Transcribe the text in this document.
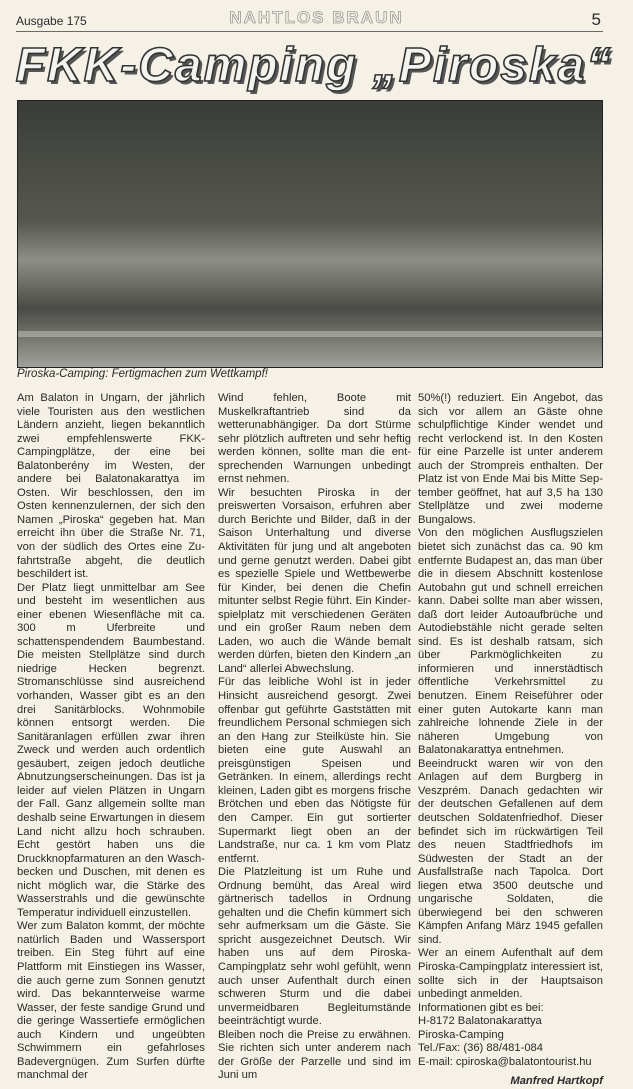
Ausgabe 175	NAHTLOS BRAUN	5
FKK-Camping „Piroska“
Piroska-Camping: Fertigmachen zum Wettkampf!

Am Balaton in Ungarn, der jährlich viele Touristen aus den westlichen Ländern anzieht, liegen bekanntlich zwei empfehlenswerte FKK-Campingplätze, der eine bei Balatonberény im Westen, der andere bei Balatonakarattya im Osten. Wir beschlossen, den im Osten kennenzulernen, der sich den Namen „Piroska“ gegeben hat. Man erreicht ihn über die Straße Nr. 71, von der südlich des Ortes eine Zufahrtstraße abgeht, die deutlich beschildert ist.

Der Platz liegt unmittelbar am See und besteht im wesentlichen aus einer ebenen Wiesenfläche mit ca. 300 m Uferbreite und schattenspendendem Baumbestand. Die meisten Stellplätze sind durch niedrige Hecken begrenzt. Stromanschlüsse sind ausreichend vorhanden, Wasser gibt es an den drei Sanitärblocks. Wohnmobile können entsorgt werden. Die Sanitäranlagen erfüllen zwar ihren Zweck und werden auch ordentlich gesäubert, zeigen jedoch deutliche Abnutzungserscheinungen. Das ist ja leider auf vielen Plätzen in Ungarn der Fall. Ganz allgemein sollte man deshalb seine Erwartungen in diesem Land nicht allzu hoch schrauben. Echt gestört haben uns die Druckknopfarmaturen an den Waschbecken und Duschen, mit denen es nicht möglich war, die Stärke des Wasserstrahls und die gewünschte Temperatur individuell einzustellen.

Wer zum Balaton kommt, der möchte natürlich Baden und Wassersport treiben. Ein Steg führt auf eine Plattform mit Einstiegen ins Wasser, die auch gerne zum Sonnen genutzt wird. Das bekannterweise warme Wasser, der feste sandige Grund und die geringe Wassertiefe ermöglichen auch Kindern und ungeübten Schwimmern ein gefahrloses Badevergnügen. Zum Surfen dürfte manchmal der

Wind fehlen, Boote mit Muskelkraftantrieb sind da wetterunabhängiger. Da dort Stürme sehr plötzlich auftreten und sehr heftig werden können, sollte man die entsprechenden Warnungen unbedingt ernst nehmen.

Wir besuchten Piroska in der preiswerten Vorsaison, erfuhren aber durch Berichte und Bilder, daß in der Saison Unterhaltung und diverse Aktivitäten für jung und alt angeboten und gerne genutzt werden. Dabei gibt es spezielle Spiele und Wettbewerbe für Kinder, bei denen die Chefin mitunter selbst Regie führt. Ein Kinderspielplatz mit verschiedenen Geräten und ein großer Raum neben dem Laden, wo auch die Wände bemalt werden dürfen, bieten den Kindern „an Land“ allerlei Abwechslung.

Für das leibliche Wohl ist in jeder Hinsicht ausreichend gesorgt. Zwei offenbar gut geführte Gaststätten mit freundlichem Personal schmiegen sich an den Hang zur Steilküste hin. Sie bieten eine gute Auswahl an preisgünstigen Speisen und Getränken. In einem, allerdings recht kleinen, Laden gibt es morgens frische Brötchen und eben das Nötigste für den Camper. Ein gut sortierter Supermarkt liegt oben an der Landstraße, nur ca. 1 km vom Platz entfernt.

Die Platzleitung ist um Ruhe und Ordnung bemüht, das Areal wird gärtnerisch tadellos in Ordnung gehalten und die Chefin kümmert sich sehr aufmerksam um die Gäste. Sie spricht ausgezeichnet Deutsch. Wir haben uns auf dem Piroska-Campingplatz sehr wohl gefühlt, wenn auch unser Aufenthalt durch einen schweren Sturm und die dabei unvermeidbaren Begleitumstände beeinträchtigt wurde.

Bleiben noch die Preise zu erwähnen. Sie richten sich unter anderem nach der Größe der Parzelle und sind im Juni um

50%(!) reduziert. Ein Angebot, das sich vor allem an Gäste ohne schulpflichtige Kinder wendet und recht verlockend ist. In den Kosten für eine Parzelle ist unter anderem auch der Strompreis enthalten. Der Platz ist von Ende Mai bis Mitte September geöffnet, hat auf 3,5 ha 130 Stellplätze und zwei moderne Bungalows.

Von den möglichen Ausflugszielen bietet sich zunächst das ca. 90 km entfernte Budapest an, das man über die in diesem Abschnitt kostenlose Autobahn gut und schnell erreichen kann. Dabei sollte man aber wissen, daß dort leider Autoaufbrüche und Autodiebstähle nicht gerade selten sind. Es ist deshalb ratsam, sich über Parkmöglichkeiten zu informieren und innerstädtisch öffentliche Verkehrsmittel zu benutzen. Einem Reiseführer oder einer guten Autokarte kann man zahlreiche lohnende Ziele in der näheren Umgebung von Balatonakarattya entnehmen.

Beeindruckt waren wir von den Anlagen auf dem Burgberg in Veszprém. Danach gedachten wir der deutschen Gefallenen auf dem deutschen Soldatenfriedhof. Dieser befindet sich im rückwärtigen Teil des neuen Stadtfriedhofs im Südwesten der Stadt an der Ausfallstraße nach Tapolca. Dort liegen etwa 3500 deutsche und ungarische Soldaten, die überwiegend bei den schweren Kämpfen Anfang März 1945 gefallen sind.

Wer an einem Aufenthalt auf dem Piroska-Campingplatz interessiert ist, sollte sich in der Hauptsaison unbedingt anmelden.

Informationen gibt es bei:

H-8172 Balatonakarattya

Piroska-Camping

Tel./Fax: (36) 88/481-084

E-mail: cpiroska@balatontourist.hu

Manfred Hartkopf
